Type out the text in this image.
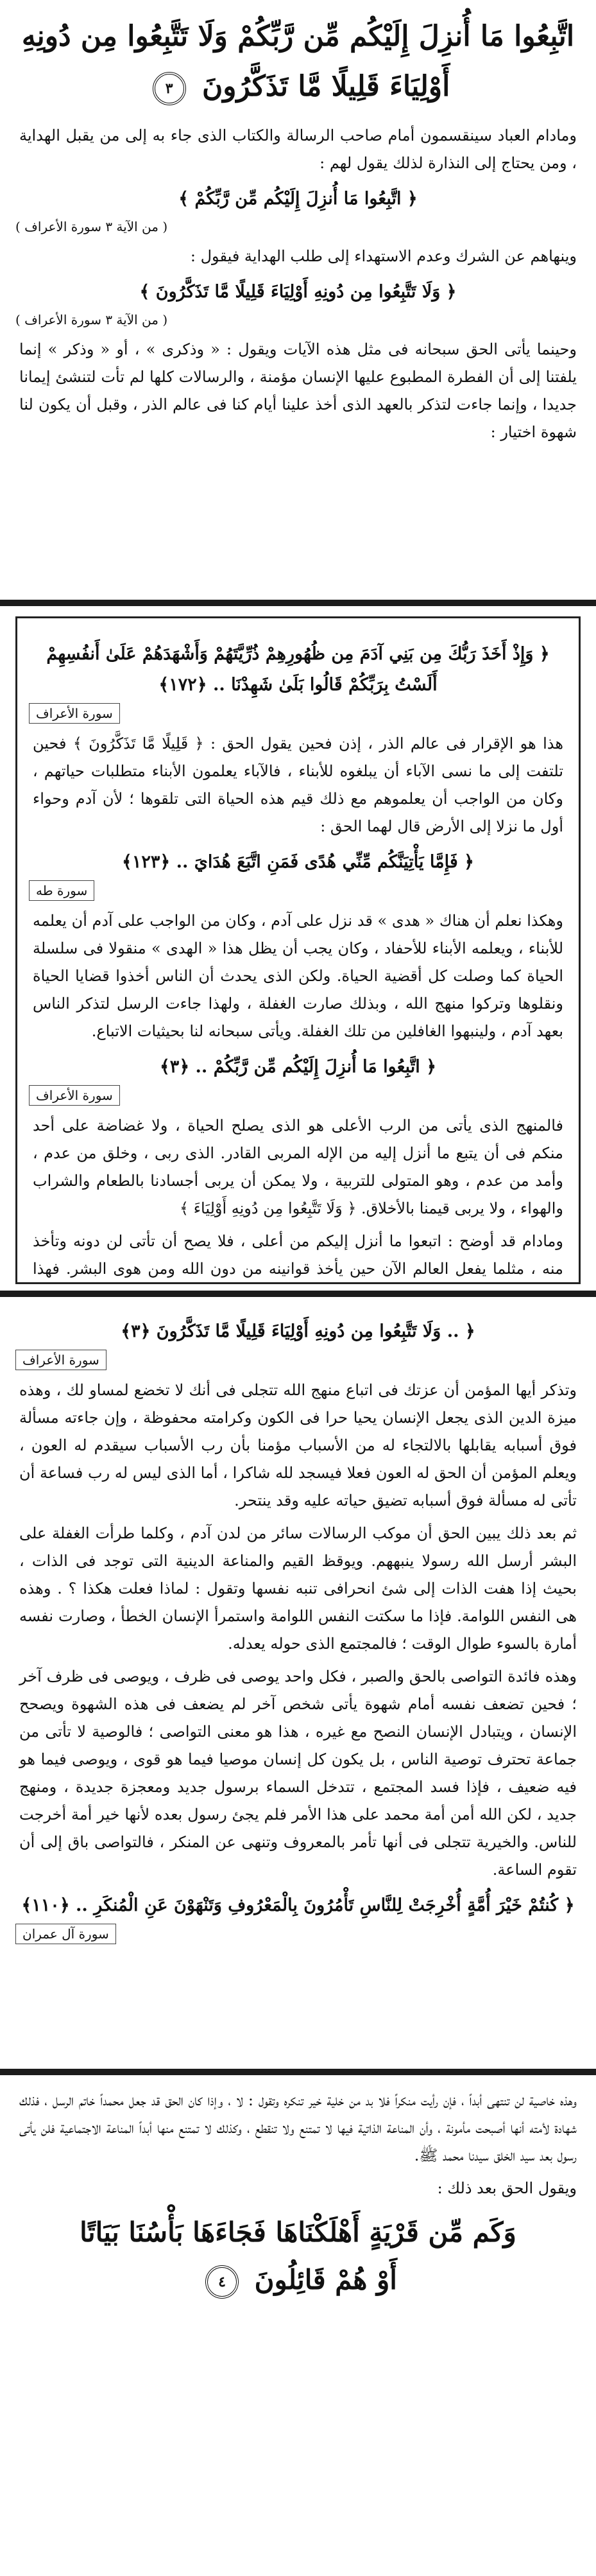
اتَّبِعُوا مَا أُنزِلَ إِلَيْكُم مِّن رَّبِّكُمْ وَلَا تَتَّبِعُوا مِن دُونِهِ
أَوْلِيَاءَ قَلِيلًا مَّا تَذَكَّرُونَ ٣
ومادام العباد سينقسمون أمام صاحب الرسالة والكتاب الذى جاء به إلى من يقبل الهداية ، ومن يحتاج إلى النذارة لذلك يقول لهم :
﴿ اتَّبِعُوا مَا أُنزِلَ إِلَيْكُم مِّن رَّبِّكُمْ ﴾
( من الآية ٣ سورة الأعراف )
وينهاهم عن الشرك وعدم الاستهداء إلى طلب الهداية فيقول :
﴿ وَلَا تَتَّبِعُوا مِن دُونِهِ أَوْلِيَاءَ قَلِيلًا مَّا تَذَكَّرُونَ ﴾
( من الآية ٣ سورة الأعراف )
وحينما يأتى الحق سبحانه فى مثل هذه الآيات ويقول : « وذكرى » ، أو « وذكر » إنما يلفتنا إلى أن الفطرة المطبوع عليها الإنسان مؤمنة ، والرسالات كلها لم تأت لتنشئ إيمانا جديدا ، وإنما جاءت لتذكر بالعهد الذى أخذ علينا أيام كنا فى عالم الذر ، وقبل أن يكون لنا شهوة اختيار :
﴿ وَإِذْ أَخَذَ رَبُّكَ مِن بَنِي آدَمَ مِن ظُهُورِهِمْ ذُرِّيَّتَهُمْ وَأَشْهَدَهُمْ عَلَىٰ أَنفُسِهِمْ أَلَسْتُ بِرَبِّكُمْ قَالُوا بَلَىٰ شَهِدْنَا .. ﴿١٧٢﴾
سورة الأعراف
هذا هو الإقرار فى عالم الذر ، إذن فحين يقول الحق : ﴿ قَلِيلًا مَّا تَذَكَّرُونَ ﴾ فحين تلتفت إلى ما نسى الآباء أن يبلغوه للأبناء ، فالآباء يعلمون الأبناء متطلبات حياتهم ، وكان من الواجب أن يعلموهم مع ذلك قيم هذه الحياة التى تلقوها ؛ لأن آدم وحواء أول ما نزلا إلى الأرض قال لهما الحق :
﴿ فَإِمَّا يَأْتِيَنَّكُم مِّنِّي هُدًى فَمَنِ اتَّبَعَ هُدَايَ .. ﴿١٢٣﴾
سورة طه
وهكذا نعلم أن هناك « هدى » قد نزل على آدم ، وكان من الواجب على آدم أن يعلمه للأبناء ، ويعلمه الأبناء للأحفاد ، وكان يجب أن يظل هذا « الهدى » منقولا فى سلسلة الحياة كما وصلت كل أقضية الحياة. ولكن الذى يحدث أن الناس أخذوا قضايا الحياة ونقلوها وتركوا منهج الله ، وبذلك صارت الغفلة ، ولهذا جاءت الرسل لتذكر الناس بعهد آدم ، ولينبهوا الغافلين من تلك الغفلة. ويأتى سبحانه لنا بحيثيات الاتباع.
﴿ اتَّبِعُوا مَا أُنزِلَ إِلَيْكُم مِّن رَّبِّكُمْ .. ﴿٣﴾
سورة الأعراف
فالمنهج الذى يأتى من الرب الأعلى هو الذى يصلح الحياة ، ولا غضاضة على أحد منكم فى أن يتبع ما أنزل إليه من الإله المربى القادر. الذى ربى ، وخلق من عدم ، وأمد من عدم ، وهو المتولى للتربية ، ولا يمكن أن يربى أجسادنا بالطعام والشراب والهواء ، ولا يربى قيمنا بالأخلاق. ﴿ وَلَا تَتَّبِعُوا مِن دُونِهِ أَوْلِيَاءَ ﴾
ومادام قد أوضح : اتبعوا ما أنزل إليكم من أعلى ، فلا يصح أن تأتى لن دونه وتأخذ منه ، مثلما يفعل العالم الآن حين يأخذ قوانينه من دون الله ومن هوى البشر. فهذا
﴿ .. وَلَا تَتَّبِعُوا مِن دُونِهِ أَوْلِيَاءَ قَلِيلًا مَّا تَذَكَّرُونَ ﴿٣﴾
سورة الأعراف
وتذكر أيها المؤمن أن عزتك فى اتباع منهج الله تتجلى فى أنك لا تخضع لمساو لك ، وهذه ميزة الدين الذى يجعل الإنسان يحيا حرا فى الكون وكرامته محفوظة ، وإن جاءته مسألة فوق أسبابه يقابلها بالالتجاء له من الأسباب مؤمنا بأن رب الأسباب سيقدم له العون ، ويعلم المؤمن أن الحق له العون فعلا فيسجد لله شاكرا ، أما الذى ليس له رب فساعة أن تأتى له مسألة فوق أسبابه تضيق حياته عليه وقد ينتحر.
ثم بعد ذلك يبين الحق أن موكب الرسالات سائر من لدن آدم ، وكلما طرأت الغفلة على البشر أرسل الله رسولا ينبههم. ويوقظ القيم والمناعة الدينية التى توجد فى الذات ، بحيث إذا هفت الذات إلى شئ انحرافى تنبه نفسها وتقول : لماذا فعلت هكذا ؟ . وهذه هى النفس اللوامة. فإذا ما سكتت النفس اللوامة واستمرأ الإنسان الخطأ ، وصارت نفسه أمارة بالسوء طوال الوقت ؛ فالمجتمع الذى حوله يعدله.
وهذه فائدة التواصى بالحق والصبر ، فكل واحد يوصى فى ظرف ، ويوصى فى ظرف آخر ؛ فحين تضعف نفسه أمام شهوة يأتى شخص آخر لم يضعف فى هذه الشهوة ويصحح الإنسان ، ويتبادل الإنسان النصح مع غيره ، هذا هو معنى التواصى ؛ فالوصية لا تأتى من جماعة تحترف توصية الناس ، بل يكون كل إنسان موصيا فيما هو قوى ، ويوصى فيما هو فيه ضعيف ، فإذا فسد المجتمع ، تتدخل السماء برسول جديد ومعجزة جديدة ، ومنهج جديد ، لكن الله أمن أمة محمد على هذا الأمر فلم يجئ رسول بعده لأنها خير أمة أخرجت للناس. والخيرية تتجلى فى أنها تأمر بالمعروف وتنهى عن المنكر ، فالتواصى باق إلى أن تقوم الساعة.
﴿ كُنتُمْ خَيْرَ أُمَّةٍ أُخْرِجَتْ لِلنَّاسِ تَأْمُرُونَ بِالْمَعْرُوفِ وَتَنْهَوْنَ عَنِ الْمُنكَرِ .. ﴿١١٠﴾
سورة آل عمران
وهذه خاصية لن تنتهى أبداً ، فإن رأيت منكراً فلا بد من خلية خير تنكره وتقول : لا ، وإذا كان الحق قد جعل محمداً خاتم الرسل ، فذلك شهادة لأمته أنها أصبحت مأمونة ، وأن المناعة الذاتية فيها لا تمتنع ولا تنقطع ، وكذلك لا تمتنع منها أبداً المناعة الاجتماعية فلن يأتى رسول بعد سيد الخلق سيدنا محمد ﷺ.
ويقول الحق بعد ذلك :
وَكَم مِّن قَرْيَةٍ أَهْلَكْنَاهَا فَجَاءَهَا بَأْسُنَا بَيَاتًا
أَوْ هُمْ قَائِلُونَ ٤
